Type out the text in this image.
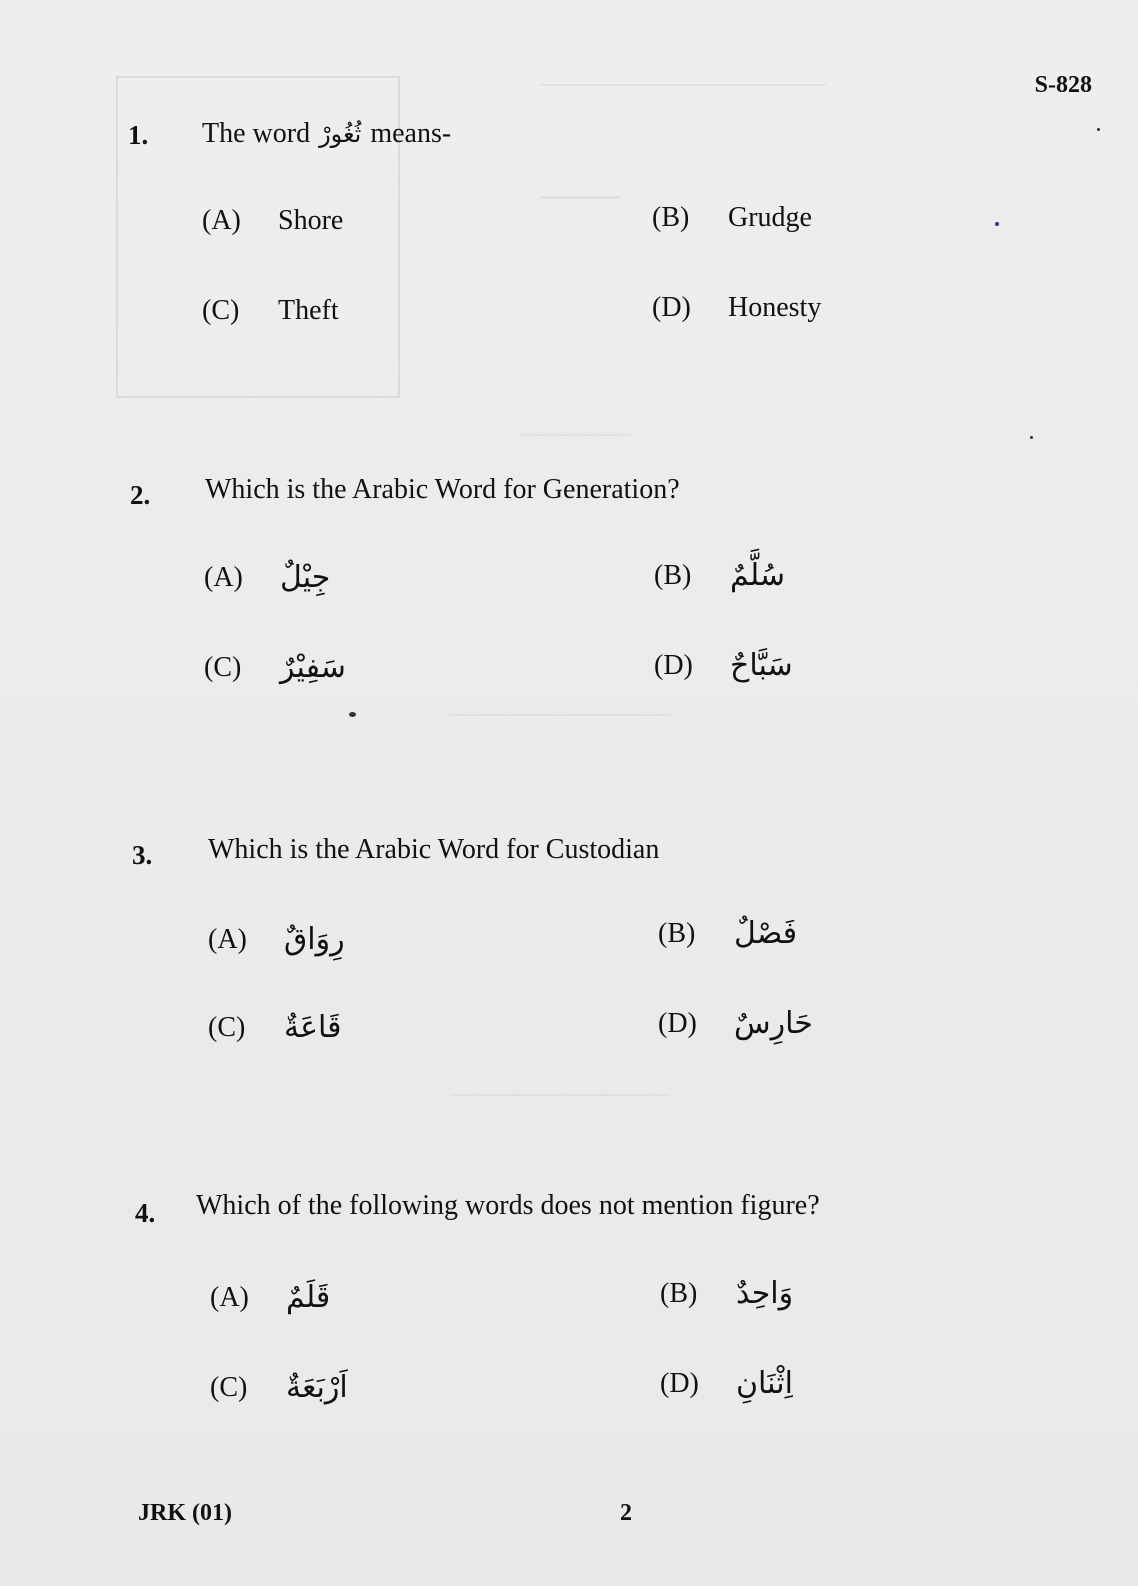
—————————————
——
—————
——————————
——————————
S-828
1. The word ثُغُورْ means-
(A)	Shore	(B)	Grudge
(C)	Theft	(D)	Honesty
2. Which is the Arabic Word for Generation?
(A)	جِيْلٌ	(B)	سُلَّمٌ
(C)	سَفِيْرٌ	(D)	سَبَّاحٌ
3. Which is the Arabic Word for Custodian
(A)	رِوَاقٌ	(B)	فَصْلٌ
(C)	قَاعَةٌ	(D)	حَارِسٌ
4. Which of the following words does not mention figure?
(A)	قَلَمٌ	(B)	وَاحِدٌ
(C)	اَرْبَعَةٌ	(D)	اِثْنَانِ
JRK (01)	2
